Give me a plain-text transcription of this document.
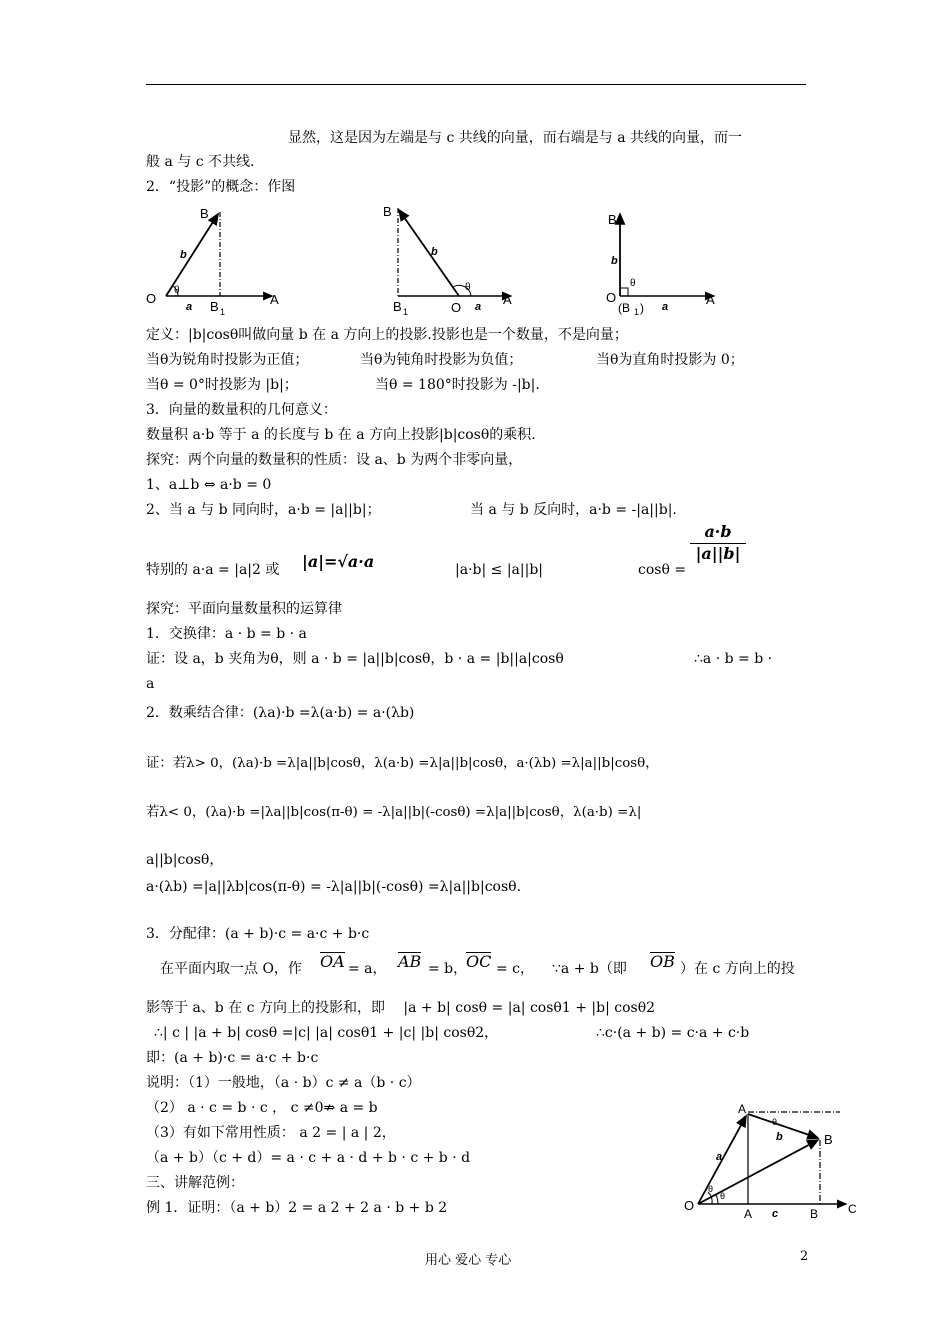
显然，这是因为左端是与 c 共线的向量，而右端是与 a 共线的向量，而一
般 a 与 c 不共线.
2．“投影”的概念：作图
O
B
B 1
A
b
a
θ
B
B 1	O
A
b
a
θ
B
O
(B 1 )
A
b
a
θ
定义：|b|cosθ叫做向量 b 在 a 方向上的投影.投影也是一个数量，不是向量；
当θ为锐角时投影为正值；	当θ为钝角时投影为负值；	当θ为直角时投影为 0；
当θ = 0°时投影为 |b|；	当θ = 180°时投影为 -|b|.
3．向量的数量积的几何意义：
数量积 a·b 等于 a 的长度与 b 在 a 方向上投影|b|cosθ的乘积.
探究：两个向量的数量积的性质：设 a、b 为两个非零向量，
1、a⊥b ⇔ a·b = 0
2、当 a 与 b 同向时，a·b = |a||b|；	当 a 与 b 反向时，a·b = -|a||b|.
特别的 a·a = |a|2 或 |a|=√a·a	|a·b| ≤ |a||b|	cosθ =
$\frac{a\cdot b}{|a||b|}$
探究：平面向量数量积的运算律
1．交换律：a · b = b · a
证：设 a，b 夹角为θ，则 a · b = |a||b|cosθ，b · a = |b||a|cosθ	∴a · b = b ·
a
2．数乘结合律：(λa)·b =λ(a·b) = a·(λb)
证：若λ> 0，(λa)·b =λ|a||b|cosθ，λ(a·b) =λ|a||b|cosθ，a·(λb) =λ|a||b|cosθ，
若λ< 0，(λa)·b =|λa||b|cos(π-θ) = -λ|a||b|(-cosθ) =λ|a||b|cosθ，λ(a·b) =λ|
a||b|cosθ，
a·(λb) =|a||λb|cos(π-θ) = -λ|a||b|(-cosθ) =λ|a||b|cosθ.
3．分配律：(a + b)·c = a·c + b·c
在平面内取一点 O，作 OA = a， AB = b，
OC = c， ∵a + b（即 OB ）在 c 方向上的投
影等于 a、b 在 c 方向上的投影和，即　 |a + b| cosθ = |a| cosθ1 + |b| cosθ2
∴| c | |a + b| cosθ =|c| |a| cosθ1 + |c| |b| cosθ2，	∴c·(a + b) = c·a + c·b
即：(a + b)·c = a·c + b·c
说明：（1）一般地，（a · b）c ≠ a（b · c）
（2） a · c = b · c ， c ≠0⇏ a = b
（3）有如下常用性质： a 2 = | a | 2，
（a + b）（c + d）= a · c + a · d + b · c + b · d
三、讲解范例：
例 1．证明：（a + b）2 = a 2 + 2 a · b + b 2	O
A
B
A	B C
a
b
c
θ
θ
θ
用心 爱心 专心	2
